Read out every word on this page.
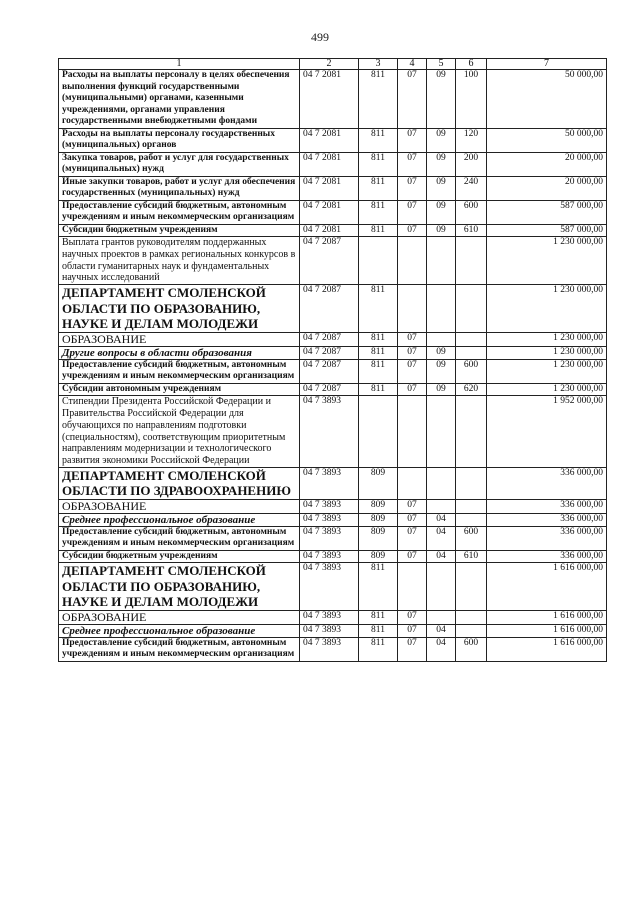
499
1	2	3	4	5	6	7
Расходы на выплаты персоналу в целях обеспечения выполнения функций государственными (муниципальными) органами, казенными учреждениями, органами управления государственными внебюджетными фондами	04 7 2081	811	07	09	100	50 000,00
Расходы на выплаты персоналу государственных (муниципальных) органов	04 7 2081	811	07	09	120	50 000,00
Закупка товаров, работ и услуг для государственных (муниципальных) нужд	04 7 2081	811	07	09	200	20 000,00
Иные закупки товаров, работ и услуг для обеспечения государственных (муниципальных) нужд	04 7 2081	811	07	09	240	20 000,00
Предоставление субсидий бюджетным, автономным учреждениям и иным некоммерческим организациям	04 7 2081	811	07	09	600	587 000,00
Субсидии бюджетным учреждениям	04 7 2081	811	07	09	610	587 000,00
Выплата грантов руководителям поддержанных научных проектов в рамках региональных конкурсов в области гуманитарных наук и фундаментальных научных исследований	04 7 2087					1 230 000,00
ДЕПАРТАМЕНТ СМОЛЕНСКОЙ ОБЛАСТИ ПО ОБРАЗОВАНИЮ, НАУКЕ И ДЕЛАМ МОЛОДЕЖИ	04 7 2087	811				1 230 000,00
ОБРАЗОВАНИЕ	04 7 2087	811	07			1 230 000,00
Другие вопросы в области образования	04 7 2087	811	07	09		1 230 000,00
Предоставление субсидий бюджетным, автономным учреждениям и иным некоммерческим организациям	04 7 2087	811	07	09	600	1 230 000,00
Субсидии автономным учреждениям	04 7 2087	811	07	09	620	1 230 000,00
Стипендии Президента Российской Федерации и Правительства Российской Федерации для обучающихся по направлениям подготовки (специальностям), соответствующим приоритетным направлениям модернизации и технологического развития экономики Российской Федерации	04 7 3893					1 952 000,00
ДЕПАРТАМЕНТ СМОЛЕНСКОЙ ОБЛАСТИ ПО ЗДРАВООХРАНЕНИЮ	04 7 3893	809				336 000,00
ОБРАЗОВАНИЕ	04 7 3893	809	07			336 000,00
Среднее профессиональное образование	04 7 3893	809	07	04		336 000,00
Предоставление субсидий бюджетным, автономным учреждениям и иным некоммерческим организациям	04 7 3893	809	07	04	600	336 000,00
Субсидии бюджетным учреждениям	04 7 3893	809	07	04	610	336 000,00
ДЕПАРТАМЕНТ СМОЛЕНСКОЙ ОБЛАСТИ ПО ОБРАЗОВАНИЮ, НАУКЕ И ДЕЛАМ МОЛОДЕЖИ	04 7 3893	811				1 616 000,00
ОБРАЗОВАНИЕ	04 7 3893	811	07			1 616 000,00
Среднее профессиональное образование	04 7 3893	811	07	04		1 616 000,00
Предоставление субсидий бюджетным, автономным учреждениям и иным некоммерческим организациям	04 7 3893	811	07	04	600	1 616 000,00
